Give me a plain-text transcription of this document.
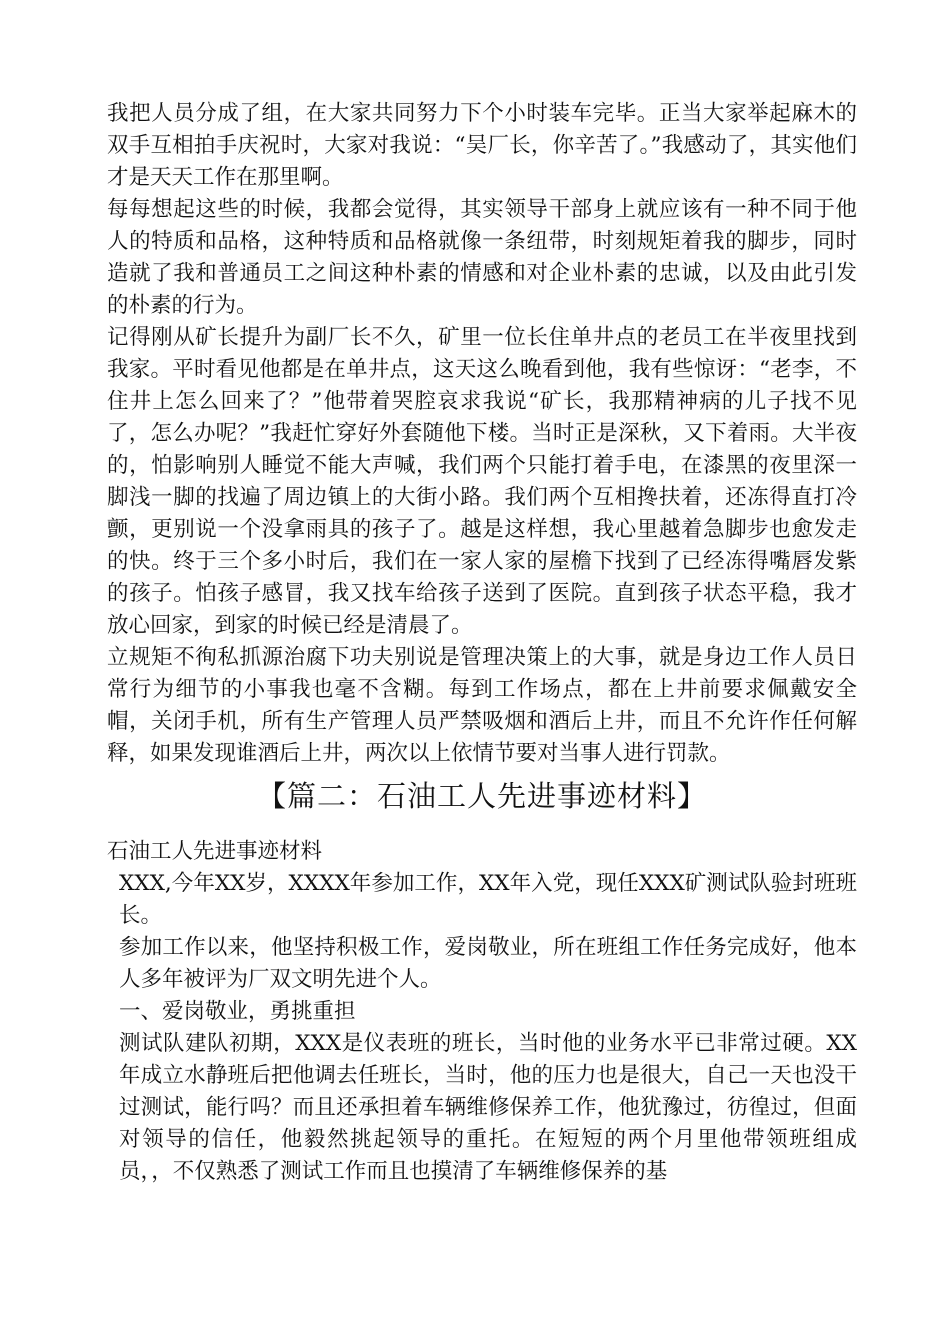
我把人员分成了组，在大家共同努力下个小时装车完毕。正当大家举起麻木的双手互相拍手庆祝时，大家对我说：“吴厂长，你辛苦了。”我感动了，其实他们才是天天工作在那里啊。

每每想起这些的时候，我都会觉得，其实领导干部身上就应该有一种不同于他人的特质和品格，这种特质和品格就像一条纽带，时刻规矩着我的脚步，同时造就了我和普通员工之间这种朴素的情感和对企业朴素的忠诚，以及由此引发的朴素的行为。

记得刚从矿长提升为副厂长不久，矿里一位长住单井点的老员工在半夜里找到我家。平时看见他都是在单井点，这天这么晚看到他，我有些惊讶：“老李，不住井上怎么回来了？”他带着哭腔哀求我说“矿长，我那精神病的儿子找不见了，怎么办呢？”我赶忙穿好外套随他下楼。当时正是深秋，又下着雨。大半夜的，怕影响别人睡觉不能大声喊，我们两个只能打着手电，在漆黑的夜里深一脚浅一脚的找遍了周边镇上的大街小路。我们两个互相搀扶着，还冻得直打冷颤，更别说一个没拿雨具的孩子了。越是这样想，我心里越着急脚步也愈发走的快。终于三个多小时后，我们在一家人家的屋檐下找到了已经冻得嘴唇发紫的孩子。怕孩子感冒，我又找车给孩子送到了医院。直到孩子状态平稳，我才放心回家，到家的时候已经是清晨了。

立规矩不徇私抓源治腐下功夫别说是管理决策上的大事，就是身边工作人员日常行为细节的小事我也毫不含糊。每到工作场点，都在上井前要求佩戴安全帽，关闭手机，所有生产管理人员严禁吸烟和酒后上井，而且不允许作任何解释，如果发现谁酒后上井，两次以上依情节要对当事人进行罚款。

【篇二：石油工人先进事迹材料】

石油工人先进事迹材料

XXX,今年XX岁，XXXX年参加工作，XX年入党，现任XXX矿测试队验封班班长。

参加工作以来，他坚持积极工作，爱岗敬业，所在班组工作任务完成好，他本人多年被评为厂双文明先进个人。

一、爱岗敬业，勇挑重担

测试队建队初期，XXX是仪表班的班长，当时他的业务水平已非常过硬。XX年成立水静班后把他调去任班长，当时，他的压力也是很大，自己一天也没干过测试，能行吗？而且还承担着车辆维修保养工作，他犹豫过，彷徨过，但面对领导的信任，他毅然挑起领导的重托。在短短的两个月里他带领班组成员，，不仅熟悉了测试工作而且也摸清了车辆维修保养的基
